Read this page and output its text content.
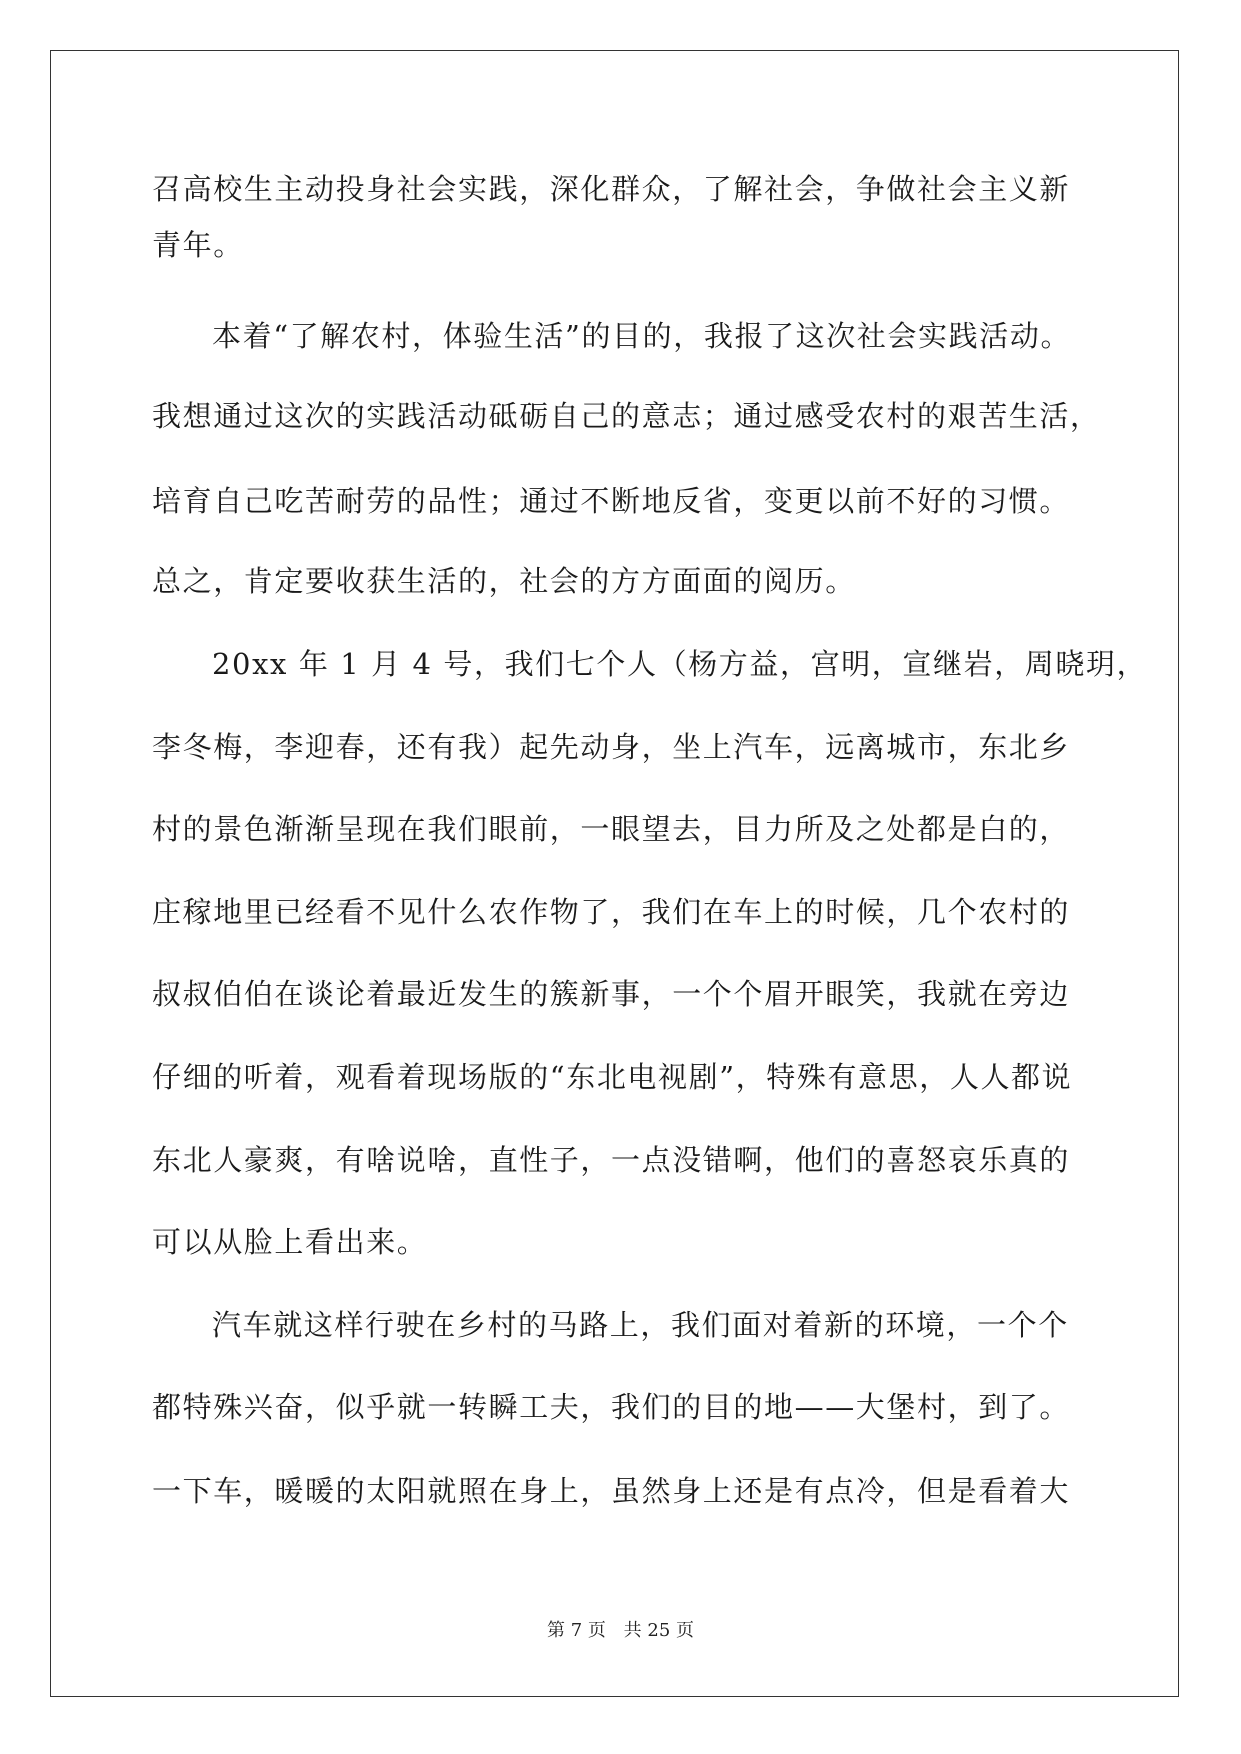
召高校生主动投身社会实践，深化群众，了解社会，争做社会主义新
青年。
本着“了解农村，体验生活”的目的，我报了这次社会实践活动。
我想通过这次的实践活动砥砺自己的意志；通过感受农村的艰苦生活，
培育自己吃苦耐劳的品性；通过不断地反省，变更以前不好的习惯。
总之，肯定要收获生活的，社会的方方面面的阅历。
20xx 年 1 月 4 号，我们七个人（杨方益，宫明，宣继岩，周晓玥，
李冬梅，李迎春，还有我）起先动身，坐上汽车，远离城市，东北乡
村的景色渐渐呈现在我们眼前，一眼望去，目力所及之处都是白的，
庄稼地里已经看不见什么农作物了，我们在车上的时候，几个农村的
叔叔伯伯在谈论着最近发生的簇新事，一个个眉开眼笑，我就在旁边
仔细的听着，观看着现场版的“东北电视剧”，特殊有意思，人人都说
东北人豪爽，有啥说啥，直性子，一点没错啊，他们的喜怒哀乐真的
可以从脸上看出来。
汽车就这样行驶在乡村的马路上，我们面对着新的环境，一个个
都特殊兴奋，似乎就一转瞬工夫，我们的目的地——大堡村，到了。
一下车，暖暖的太阳就照在身上，虽然身上还是有点冷，但是看着大
第 7 页 共 25 页
